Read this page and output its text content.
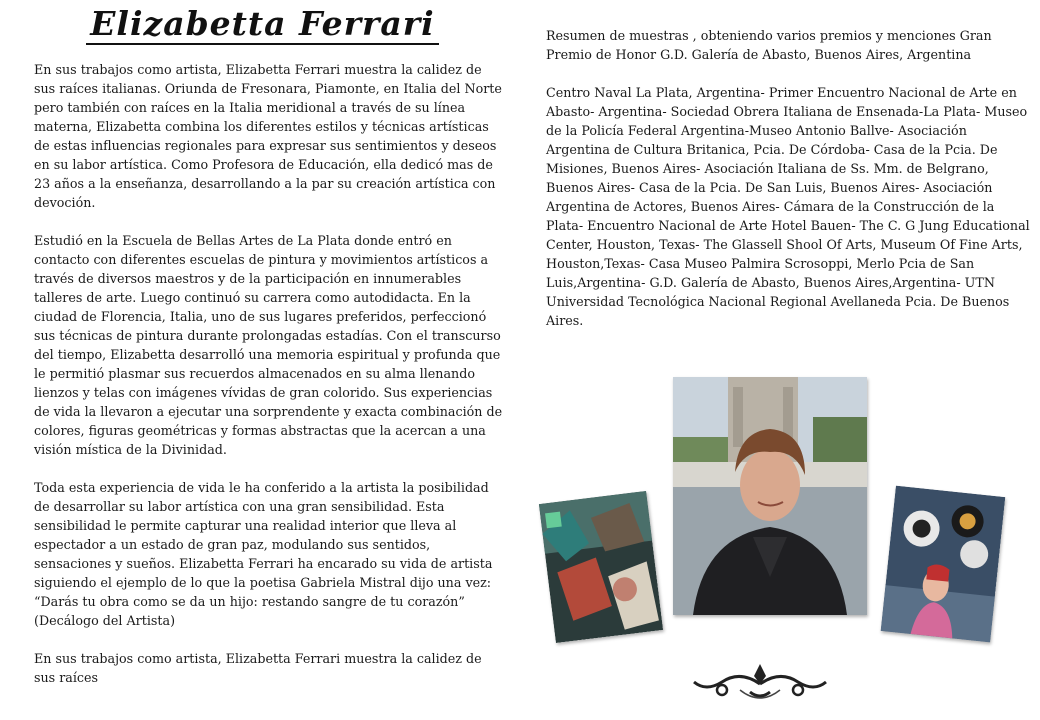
Elizabetta Ferrari

En sus trabajos como artista, Elizabetta Ferrari muestra la calidez de sus raíces italianas. Oriunda de Fresonara, Piamonte, en Italia del Norte pero también con raíces en la Italia meridional a través de su línea materna, Elizabetta combina los diferentes estilos y técnicas artísticas de estas influencias regionales para expresar sus sentimientos y deseos en su labor artística. Como Profesora de Educación, ella dedicó mas de 23 años a la enseñanza, desarrollando a la par su creación artística con devoción.

Estudió en la Escuela de Bellas Artes de La Plata donde entró en contacto con diferentes escuelas de pintura y movimientos artísticos a través de diversos maestros y de la participación en innumerables talleres de arte. Luego continuó su carrera como autodidacta. En la ciudad de Florencia, Italia, uno de sus lugares preferidos, perfeccionó sus técnicas de pintura durante prolongadas estadías. Con el transcurso del tiempo, Elizabetta desarrolló una memoria espiritual y profunda que le permitió plasmar sus recuerdos almacenados en su alma llenando lienzos y telas con imágenes vívidas de gran colorido. Sus experiencias de vida la llevaron a ejecutar una sorprendente y exacta combinación de colores, figuras geométricas y formas abstractas que la acercan a una visión mística de la Divinidad.

Toda esta experiencia de vida le ha conferido a la artista la posibilidad de desarrollar su labor artística con una gran sensibilidad. Esta sensibilidad le permite capturar una realidad interior que lleva al espectador a un estado de gran paz, modulando sus sentidos, sensaciones y sueños. Elizabetta Ferrari ha encarado su vida de artista siguiendo el ejemplo de lo que la poetisa Gabriela Mistral dijo una vez: “Darás tu obra como se da un hijo: restando sangre de tu corazón” (Decálogo del Artista)

En sus trabajos como artista, Elizabetta Ferrari muestra la calidez de sus raíces

Resumen de muestras , obteniendo varios premios y menciones Gran Premio de Honor G.D. Galería de Abasto, Buenos Aires, Argentina

Centro Naval La Plata, Argentina- Primer Encuentro Nacional de Arte en Abasto- Argentina- Sociedad Obrera Italiana de Ensenada-La Plata- Museo de la Policía Federal Argentina-Museo Antonio Ballve- Asociación Argentina de Cultura Britanica, Pcia. De Córdoba- Casa de la Pcia. De Misiones, Buenos Aires- Asociación Italiana de Ss. Mm. de Belgrano, Buenos Aires- Casa de la Pcia. De San Luis, Buenos Aires- Asociación Argentina de Actores, Buenos Aires- Cámara de la Construcción de la Plata- Encuentro Nacional de Arte Hotel Bauen- The C. G Jung Educational Center, Houston, Texas- The Glassell Shool Of Arts, Museum Of Fine Arts, Houston,Texas- Casa Museo Palmira Scrosoppi, Merlo Pcia de San Luis,Argentina- G.D. Galería de Abasto, Buenos Aires,Argentina- UTN Universidad Tecnológica Nacional Regional Avellaneda Pcia. De Buenos Aires.
